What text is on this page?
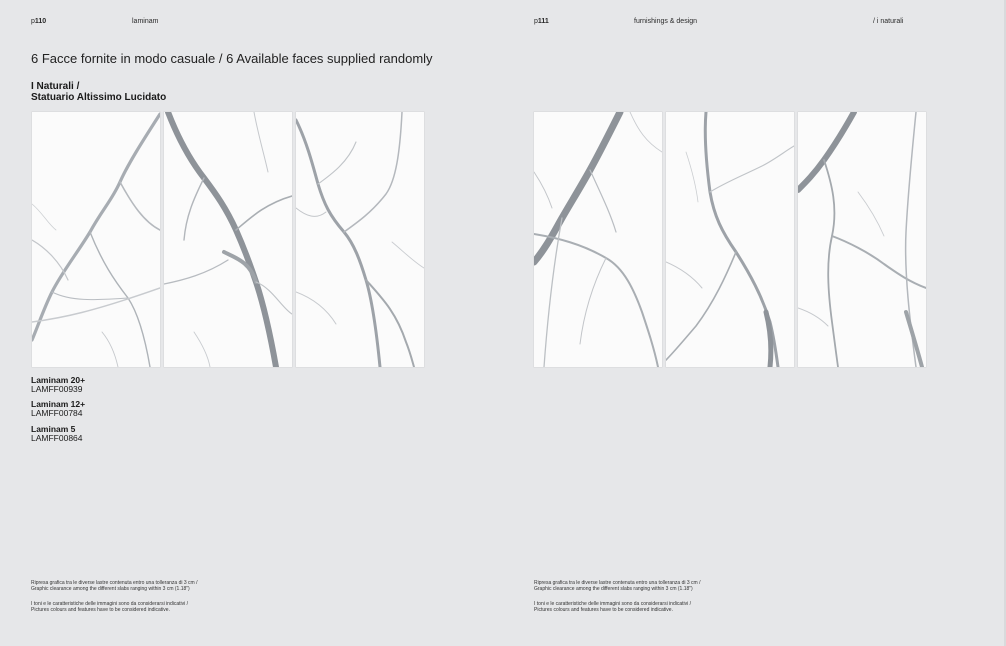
p110	laminam	p111	furnishings & design	/ i naturali
6 Facce fornite in modo casuale / 6 Available faces supplied randomly
I Naturali /
Statuario Altissimo Lucidato
Laminam 20+
LAMFF00939
Laminam 12+
LAMFF00784
Laminam 5
LAMFF00864
Ripresa grafica tra le diverse lastre contenuta entro una tolleranza di 3 cm /
Graphic clearance among the different slabs ranging within 3 cm (1.18")
I toni e le caratteristiche delle immagini sono da considerarsi indicativi /
Pictures colours and features have to be considered indicative.
Ripresa grafica tra le diverse lastre contenuta entro una tolleranza di 3 cm /
Graphic clearance among the different slabs ranging within 3 cm (1.18")
I toni e le caratteristiche delle immagini sono da considerarsi indicativi /
Pictures colours and features have to be considered indicative.
